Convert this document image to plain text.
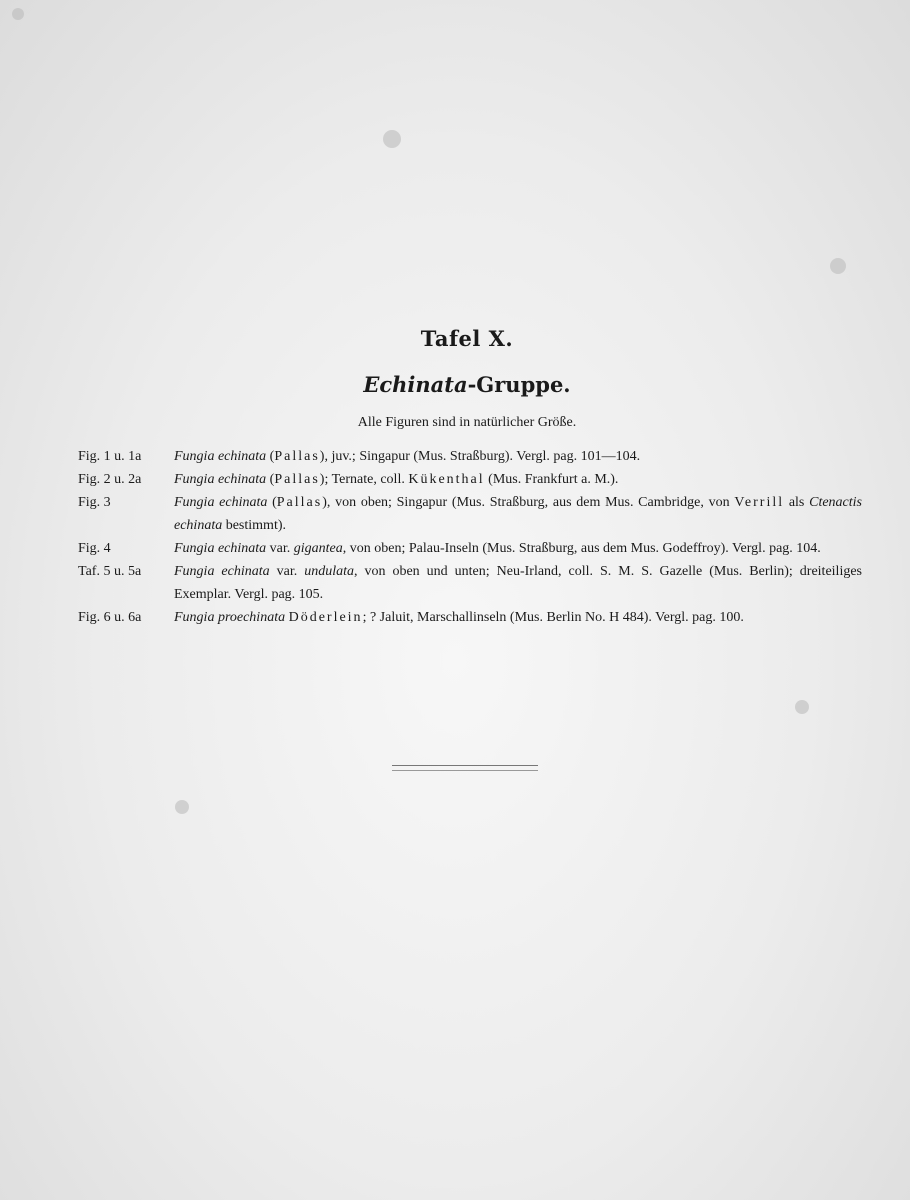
Tafel X.
Echinata-Gruppe.
Alle Figuren sind in natürlicher Größe.
Fig. 1 u. 1a	Fungia echinata (Pallas), juv.; Singapur (Mus. Straßburg). Vergl. pag. 101—104.
Fig. 2 u. 2a	Fungia echinata (Pallas); Ternate, coll. Kükenthal (Mus. Frankfurt a. M.).
Fig. 3	Fungia echinata (Pallas), von oben; Singapur (Mus. Straßburg, aus dem Mus. Cambridge, von Verrill als Ctenactis echinata bestimmt).
Fig. 4	Fungia echinata var. gigantea, von oben; Palau-Inseln (Mus. Straßburg, aus dem Mus. Godeffroy). Vergl. pag. 104.
Taf. 5 u. 5a	Fungia echinata var. undulata, von oben und unten; Neu-Irland, coll. S. M. S. Gazelle (Mus. Berlin); dreiteiliges Exemplar. Vergl. pag. 105.
Fig. 6 u. 6a	Fungia proechinata Döderlein; ? Jaluit, Marschallinseln (Mus. Berlin No. H 484). Vergl. pag. 100.
